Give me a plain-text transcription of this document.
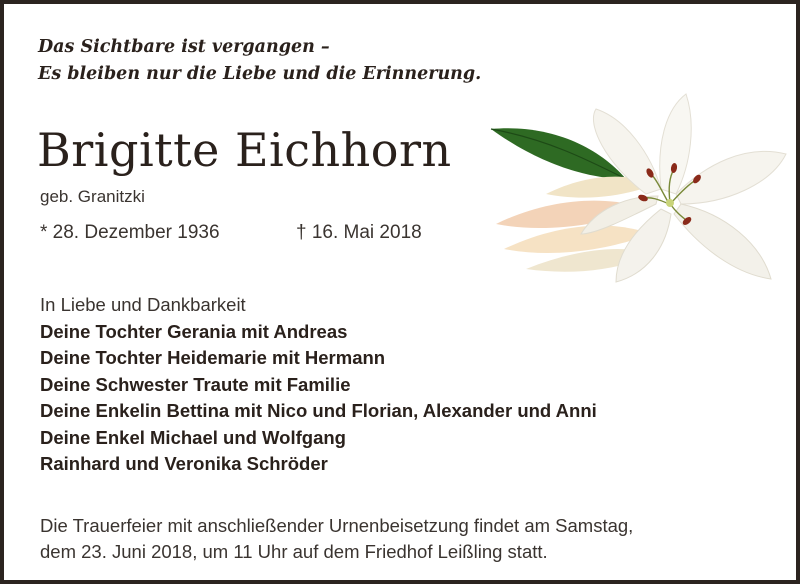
Das Sichtbare ist vergangen –
Es bleiben nur die Liebe und die Erinnerung.
Brigitte Eichhorn
geb. Granitzki
* 28. Dezember 1936	† 16. Mai 2018
In Liebe und Dankbarkeit
Deine Tochter Gerania mit Andreas
Deine Tochter Heidemarie mit Hermann
Deine Schwester Traute mit Familie
Deine Enkelin Bettina mit Nico und Florian, Alexander und Anni
Deine Enkel Michael und Wolfgang
Rainhard und Veronika Schröder
Die Trauerfeier mit anschließender Urnenbeisetzung findet am Samstag,
dem 23. Juni 2018, um 11 Uhr auf dem Friedhof Leißling statt.
